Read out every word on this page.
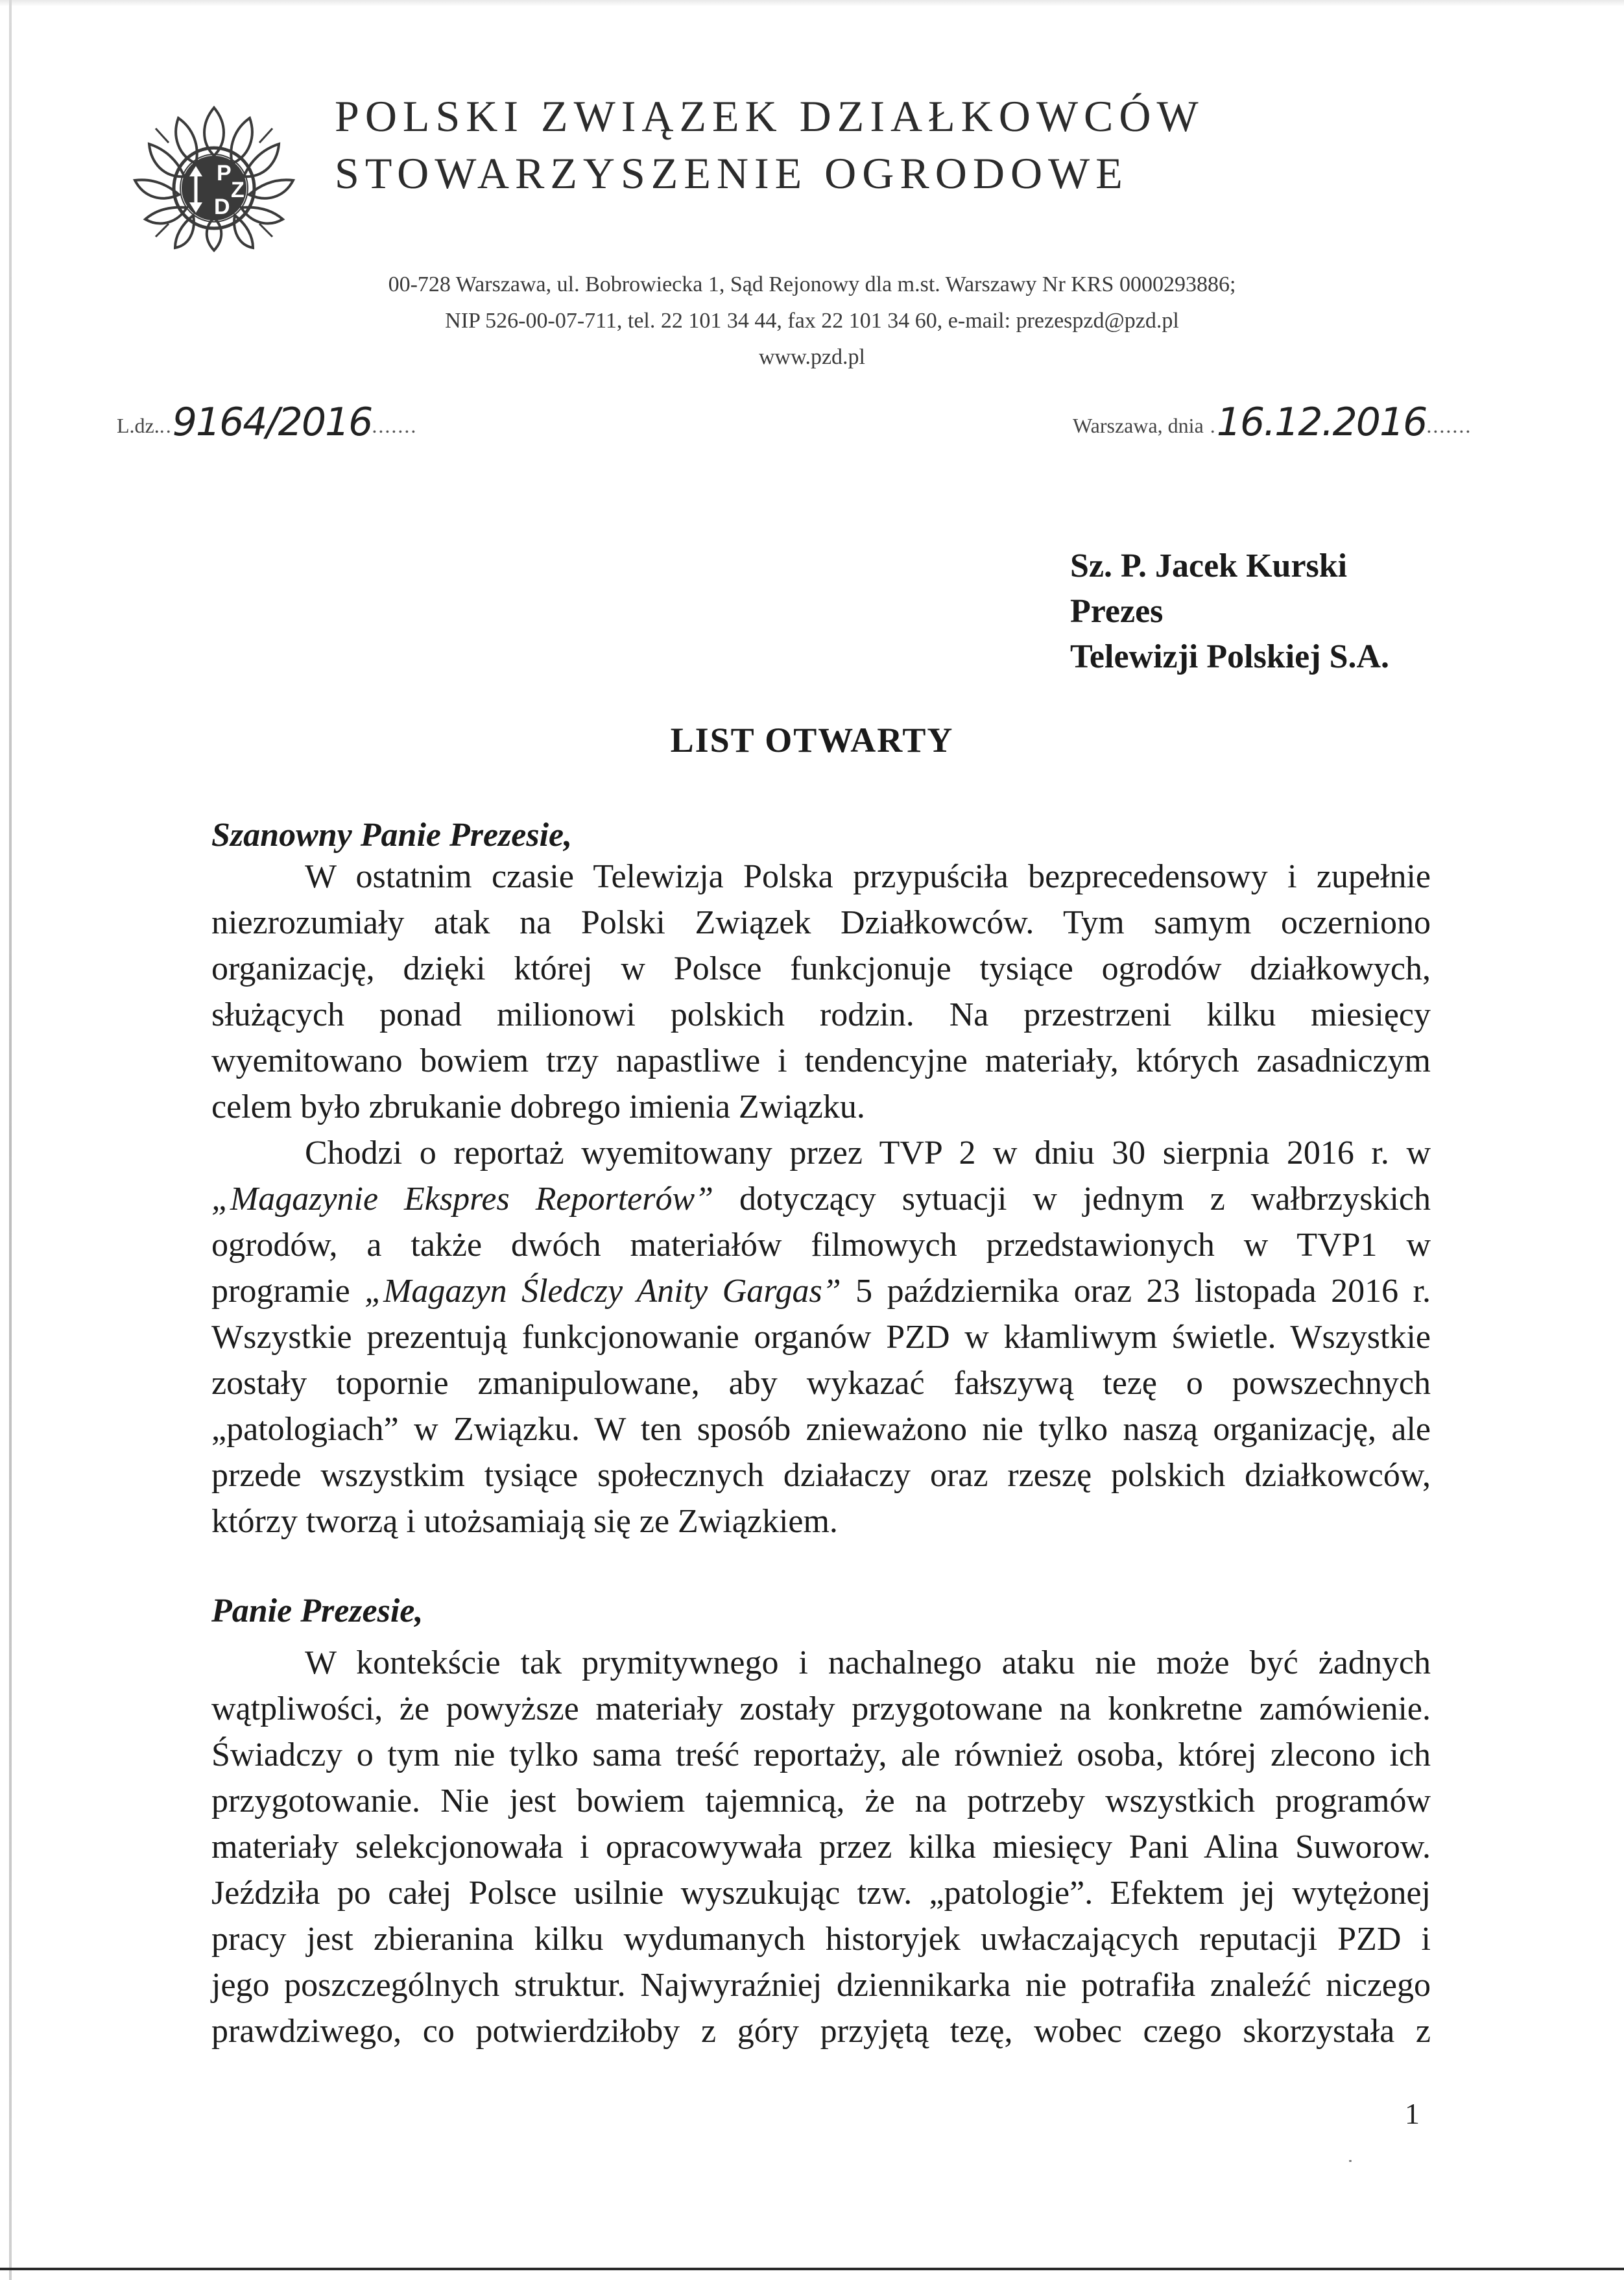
P
Z
D
POLSKI ZWIĄZEK DZIAŁKOWCÓW
STOWARZYSZENIE OGRODOWE
00-728 Warszawa, ul. Bobrowiecka 1, Sąd Rejonowy dla m.st. Warszawy Nr KRS 0000293886;
NIP 526-00-07-711, tel. 22 101 34 44, fax 22 101 34 60, e-mail: prezespzd@pzd.pl
www.pzd.pl
L.dz...9164/2016.......	Warszawa, dnia .16.12.2016.......
Sz. P. Jacek Kurski
Prezes
Telewizji Polskiej S.A.
LIST OTWARTY
Szanowny Panie Prezesie,
W ostatnim czasie Telewizja Polska przypuściła bezprecedensowy i zupełnie
niezrozumiały atak na Polski Związek Działkowców. Tym samym oczerniono
organizację, dzięki której w Polsce funkcjonuje tysiące ogrodów działkowych,
służących ponad milionowi polskich rodzin. Na przestrzeni kilku miesięcy
wyemitowano bowiem trzy napastliwe i tendencyjne materiały, których zasadniczym
celem było zbrukanie dobrego imienia Związku.
Chodzi o reportaż wyemitowany przez TVP 2 w dniu 30 sierpnia 2016 r. w
„Magazynie Ekspres Reporterów” dotyczący sytuacji w jednym z wałbrzyskich
ogrodów, a także dwóch materiałów filmowych przedstawionych w TVP1 w
programie „Magazyn Śledczy Anity Gargas” 5 października oraz 23 listopada 2016 r.
Wszystkie prezentują funkcjonowanie organów PZD w kłamliwym świetle. Wszystkie
zostały topornie zmanipulowane, aby wykazać fałszywą tezę o powszechnych
„patologiach” w Związku. W ten sposób znieważono nie tylko naszą organizację, ale
przede wszystkim tysiące społecznych działaczy oraz rzeszę polskich działkowców,
którzy tworzą i utożsamiają się ze Związkiem.
Panie Prezesie,
W kontekście tak prymitywnego i nachalnego ataku nie może być żadnych
wątpliwości, że powyższe materiały zostały przygotowane na konkretne zamówienie.
Świadczy o tym nie tylko sama treść reportaży, ale również osoba, której zlecono ich
przygotowanie. Nie jest bowiem tajemnicą, że na potrzeby wszystkich programów
materiały selekcjonowała i opracowywała przez kilka miesięcy Pani Alina Suworow.
Jeździła po całej Polsce usilnie wyszukując tzw. „patologie”. Efektem jej wytężonej
pracy jest zbieranina kilku wydumanych historyjek uwłaczających reputacji PZD i
jego poszczególnych struktur. Najwyraźniej dziennikarka nie potrafiła znaleźć niczego
prawdziwego, co potwierdziłoby z góry przyjętą tezę, wobec czego skorzystała z
1
